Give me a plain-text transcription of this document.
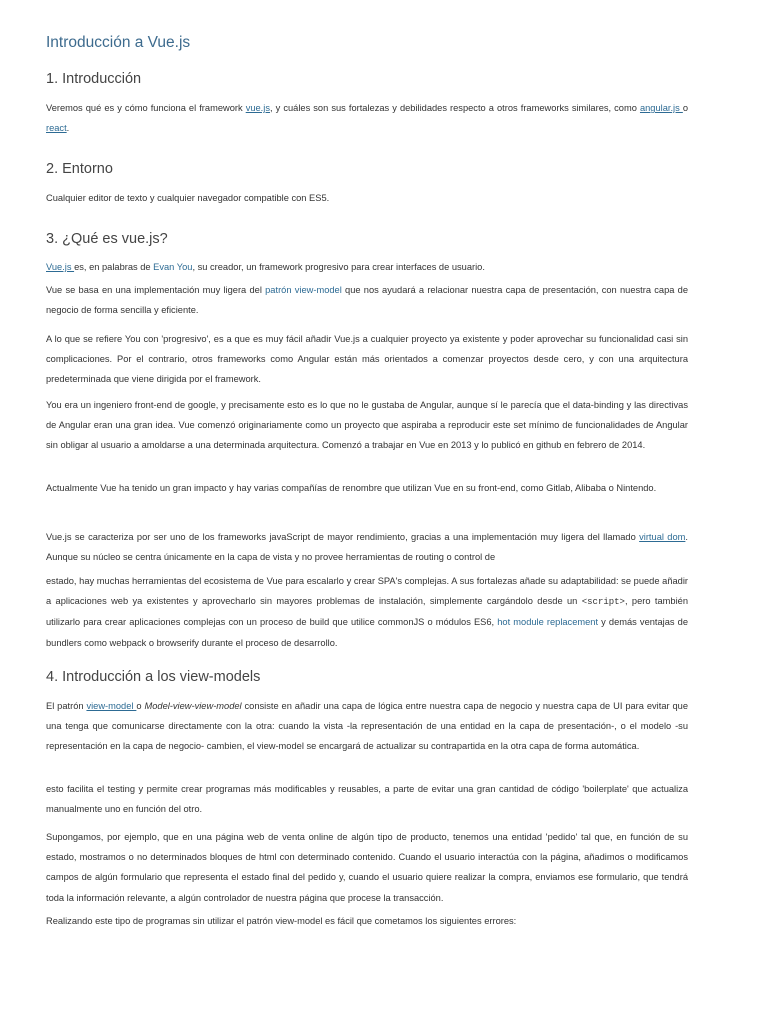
Introducción a Vue.js
1. Introducción

Veremos qué es y cómo funciona el framework vue.js, y cuáles son sus fortalezas y debilidades respecto a otros frameworks similares, como angular.js o react.

2. Entorno

Cualquier editor de texto y cualquier navegador compatible con ES5.

3. ¿Qué es vue.js?

Vue.js es, en palabras de Evan You, su creador, un framework progresivo para crear interfaces de usuario.

Vue se basa en una implementación muy ligera del patrón view-model que nos ayudará a relacionar nuestra capa de presentación, con nuestra capa de negocio de forma sencilla y eficiente.

A lo que se refiere You con 'progresivo', es a que es muy fácil añadir Vue.js a cualquier proyecto ya existente y poder aprovechar su funcionalidad casi sin complicaciones. Por el contrario, otros frameworks como Angular están más orientados a comenzar proyectos desde cero, y con una arquitectura predeterminada que viene dirigida por el framework.

You era un ingeniero front-end de google, y precisamente esto es lo que no le gustaba de Angular, aunque sí le parecía que el data-binding y las directivas de Angular eran una gran idea. Vue comenzó originariamente como un proyecto que aspiraba a reproducir este set mínimo de funcionalidades de Angular sin obligar al usuario a amoldarse a una determinada arquitectura. Comenzó a trabajar en Vue en 2013 y lo publicó en github en febrero de 2014.

Actualmente Vue ha tenido un gran impacto y hay varias compañías de renombre que utilizan Vue en su front-end, como Gitlab, Alibaba o Nintendo.

Vue.js se caracteriza por ser uno de los frameworks javaScript de mayor rendimiento, gracias a una implementación muy ligera del llamado virtual dom. Aunque su núcleo se centra únicamente en la capa de vista y no provee herramientas de routing o control de

estado, hay muchas herramientas del ecosistema de Vue para escalarlo y crear SPA's complejas. A sus fortalezas añade su adaptabilidad: se puede añadir a aplicaciones web ya existentes y aprovecharlo sin mayores problemas de instalación, simplemente cargándolo desde un <script>, pero también utilizarlo para crear aplicaciones complejas con un proceso de build que utilice commonJS o módulos ES6, hot module replacement y demás ventajas de bundlers como webpack o browserify durante el proceso de desarrollo.

4. Introducción a los view-models

El patrón view-model o Model-view-view-model consiste en añadir una capa de lógica entre nuestra capa de negocio y nuestra capa de UI para evitar que una tenga que comunicarse directamente con la otra: cuando la vista -la representación de una entidad en la capa de presentación-, o el modelo -su representación en la capa de negocio- cambien, el view-model se encargará de actualizar su contrapartida en la otra capa de forma automática.

esto facilita el testing y permite crear programas más modificables y reusables, a parte de evitar una gran cantidad de código 'boilerplate' que actualiza manualmente uno en función del otro.

Supongamos, por ejemplo, que en una página web de venta online de algún tipo de producto, tenemos una entidad 'pedido' tal que, en función de su estado, mostramos o no determinados bloques de html con determinado contenido. Cuando el usuario interactúa con la página, añadimos o modificamos campos de algún formulario que representa el estado final del pedido y, cuando el usuario quiere realizar la compra, enviamos ese formulario, que tendrá toda la información relevante, a algún controlador de nuestra página que procese la transacción.

Realizando este tipo de programas sin utilizar el patrón view-model es fácil que cometamos los siguientes errores:
